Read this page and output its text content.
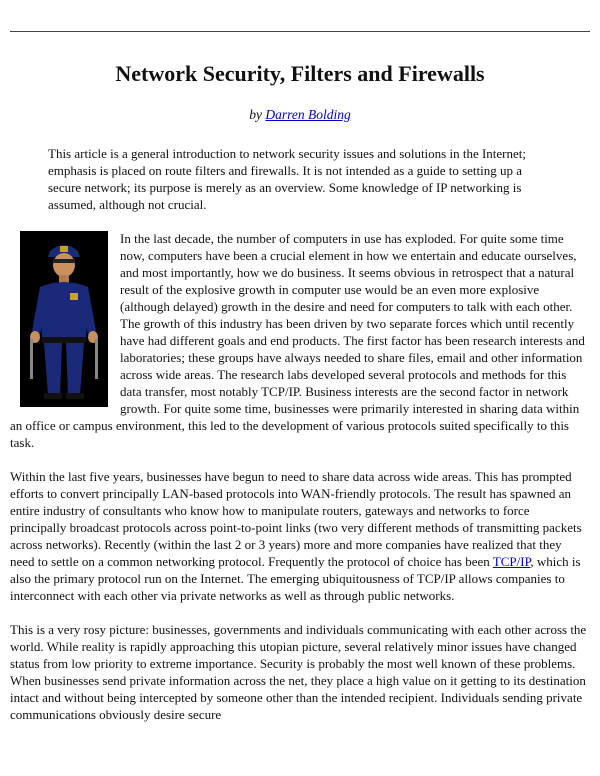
Network Security, Filters and Firewalls
by Darren Bolding

This article is a general introduction to network security issues and solutions in the Internet; emphasis is placed on route filters and firewalls. It is not intended as a guide to setting up a secure network; its purpose is merely as an overview. Some knowledge of IP networking is assumed, although not crucial.

In the last decade, the number of computers in use has exploded. For quite some time now, computers have been a crucial element in how we entertain and educate ourselves, and most importantly, how we do business. It seems obvious in retrospect that a natural result of the explosive growth in computer use would be an even more explosive (although delayed) growth in the desire and need for computers to talk with each other. The growth of this industry has been driven by two separate forces which until recently have had different goals and end products. The first factor has been research interests and laboratories; these groups have always needed to share files, email and other information across wide areas. The research labs developed several protocols and methods for this data transfer, most notably TCP/IP. Business interests are the second factor in network growth. For quite some time, businesses were primarily interested in sharing data within an office or campus environment, this led to the development of various protocols suited specifically to this task.

Within the last five years, businesses have begun to need to share data across wide areas. This has prompted efforts to convert principally LAN-based protocols into WAN-friendly protocols. The result has spawned an entire industry of consultants who know how to manipulate routers, gateways and networks to force principally broadcast protocols across point-to-point links (two very different methods of transmitting packets across networks). Recently (within the last 2 or 3 years) more and more companies have realized that they need to settle on a common networking protocol. Frequently the protocol of choice has been TCP/IP, which is also the primary protocol run on the Internet. The emerging ubiquitousness of TCP/IP allows companies to interconnect with each other via private networks as well as through public networks.

This is a very rosy picture: businesses, governments and individuals communicating with each other across the world. While reality is rapidly approaching this utopian picture, several relatively minor issues have changed status from low priority to extreme importance. Security is probably the most well known of these problems. When businesses send private information across the net, they place a high value on it getting to its destination intact and without being intercepted by someone other than the intended recipient. Individuals sending private communications obviously desire secure
